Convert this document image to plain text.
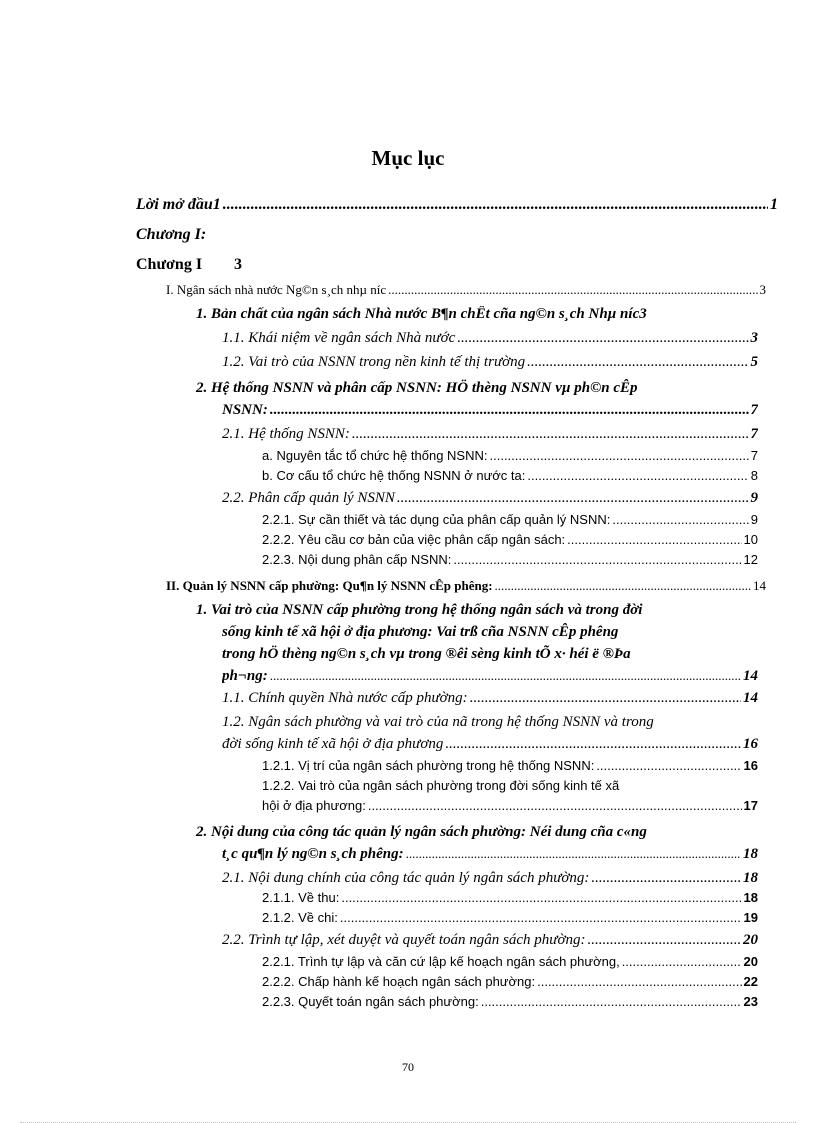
Mục lục
Lời mở đầu1 .....	1
Chương I:
Chương I 3
I. Ngân sách nhà nước Ng©n s¸ch nhµ níc .....	3
1. Bản chất của ngân sách Nhà nước B¶n chÊt cña ng©n s¸ch Nhµ níc 3
1.1. Khái niệm về ngân sách Nhà nước .....	3
1.2. Vai trò của NSNN trong nền kinh tế thị trường .....	5
2. Hệ thống NSNN và phân cấp NSNN: HÖ thèng NSNN vµ ph©n cÊp
NSNN: .....	7
2.1. Hệ thống NSNN: .....	7
a. Nguyên tắc tổ chức hệ thống NSNN: .....	7
b. Cơ cấu tổ chức hệ thống NSNN ở nước ta: .....	8
2.2. Phân cấp quản lý NSNN .....	9
2.2.1. Sự cần thiết và tác dụng của phân cấp quản lý NSNN: .....	9
2.2.2. Yêu cầu cơ bản của việc phân cấp ngân sách: .....	10
2.2.3. Nội dung phân cấp NSNN: .....	12
II. Quản lý NSNN cấp phường: Qu¶n lý NSNN cÊp phêng: .....	14
1. Vai trò của NSNN cấp phường trong hệ thống ngân sách và trong đời
sống kinh tế xã hội ở địa phương: Vai trß cña NSNN cÊp phêng
trong hÖ thèng ng©n s¸ch vµ trong ®êi sèng kinh tÕ x· héi ë ®Þa
ph¬ng: .....	14
1.1. Chính quyền Nhà nước cấp phường: .....	14
1.2. Ngân sách phường và vai trò của nã trong hệ thống NSNN và trong
đời sống kinh tế xã hội ở địa phương .....	16
1.2.1. Vị trí của ngân sách phường trong hệ thống NSNN: .....	16
1.2.2. Vai trò của ngân sách phường trong đời sống kinh tế xã
hội ở địa phương: .....	17
2. Nội dung của công tác quản lý ngân sách phường: Néi dung cña c«ng
t¸c qu¶n lý ng©n s¸ch phêng: .....	18
2.1. Nội dung chính của công tác quản lý ngân sách phường: .....	18
2.1.1. Về thu: .....	18
2.1.2. Về chi: .....	19
2.2. Trình tự lập, xét duyệt và quyết toán ngân sách phường: .....	20
2.2.1. Trình tự lập và căn cứ lập kế hoạch ngân sách phường, .....	20
2.2.2. Chấp hành kế hoạch ngân sách phường: .....	22
2.2.3. Quyết toán ngân sách phường: .....	23
70
